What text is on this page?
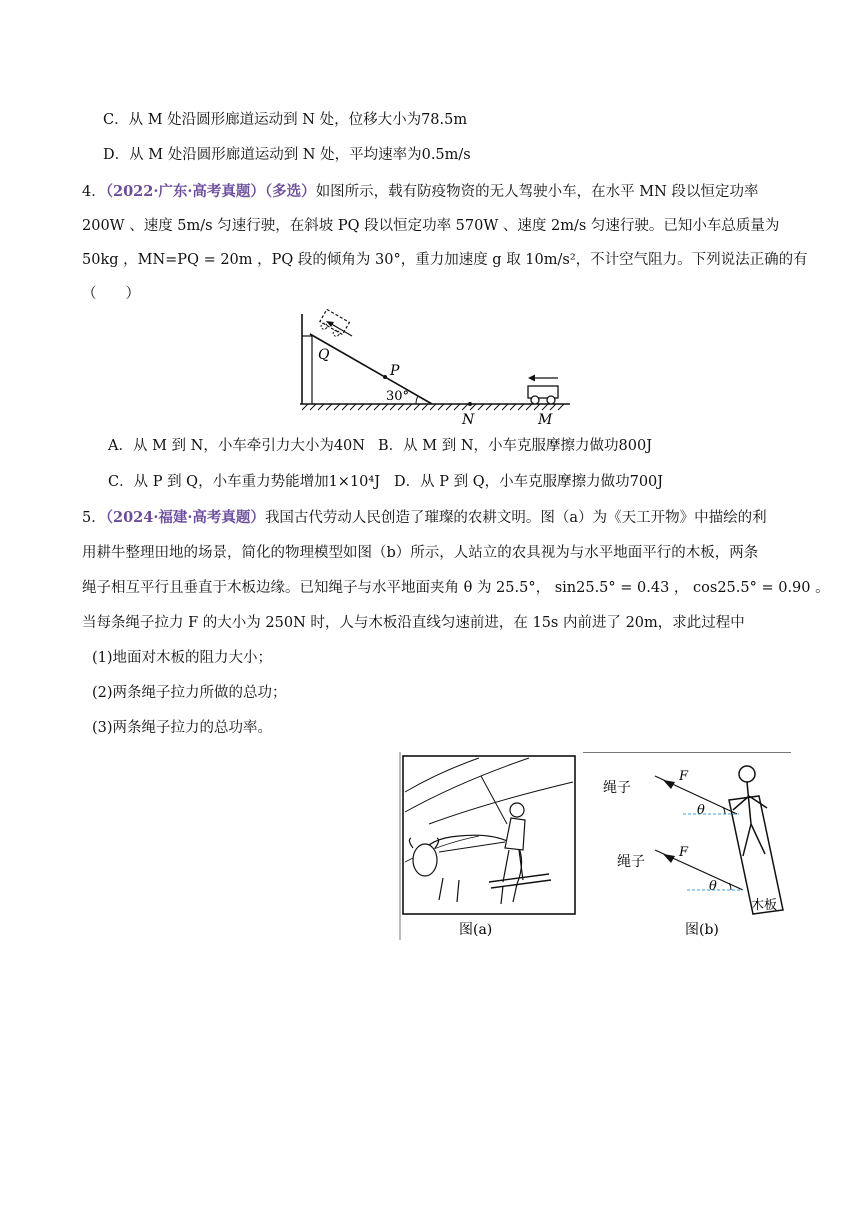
C．从 M 处沿圆形廊道运动到 N 处，位移大小为78.5m
D．从 M 处沿圆形廊道运动到 N 处，平均速率为0.5m/s
4．（2022·广东·高考真题）（多选）如图所示，载有防疫物资的无人驾驶小车，在水平 MN 段以恒定功率
200W 、速度 5m/s 匀速行驶，在斜坡 PQ 段以恒定功率 570W 、速度 2m/s 匀速行驶。已知小车总质量为
50kg ，MN=PQ = 20m ，PQ 段的倾角为 30°，重力加速度 g 取 10m/s²，不计空气阻力。下列说法正确的有
（　　）
Q
P
30°
N	M
A．从 M 到 N，小车牵引力大小为40N B．从 M 到 N，小车克服摩擦力做功800J
C．从 P 到 Q，小车重力势能增加1×10⁴J D．从 P 到 Q，小车克服摩擦力做功700J
5．（2024·福建·高考真题）我国古代劳动人民创造了璀璨的农耕文明。图（a）为《天工开物》中描绘的利
用耕牛整理田地的场景，简化的物理模型如图（b）所示，人站立的农具视为与水平地面平行的木板，两条
绳子相互平行且垂直于木板边缘。已知绳子与水平地面夹角 θ 为 25.5°， sin25.5° = 0.43 ， cos25.5° = 0.90 。
当每条绳子拉力 F 的大小为 250N 时，人与木板沿直线匀速前进，在 15s 内前进了 20m，求此过程中
(1)地面对木板的阻力大小；
(2)两条绳子拉力所做的总功；
(3)两条绳子拉力的总功率。
图(a)
木板
绳子
F
θ
绳子
F
θ
图(b)
